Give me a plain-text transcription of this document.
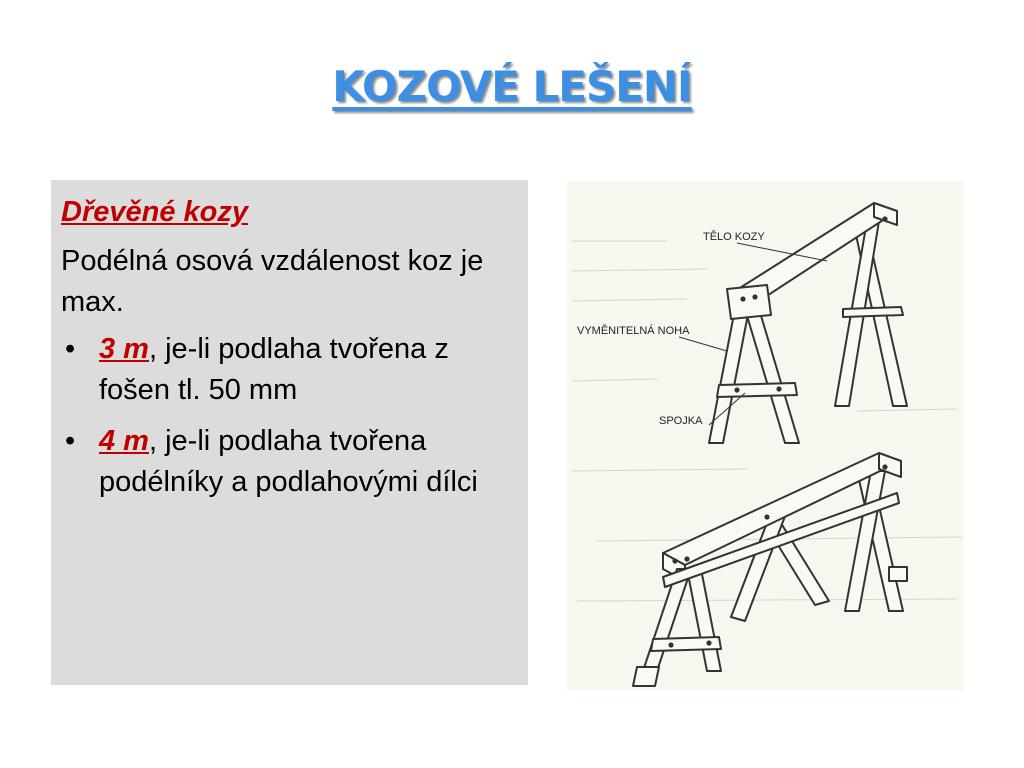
KOZOVÉ LEŠENÍ
Dřevěné kozy
Podélná osová vzdálenost koz je max.
• 3 m, je-li podlaha tvořena z fošen tl. 50 mm
• 4 m, je-li podlaha tvořena podélníky a podlahovými dílci
TĚLO KOZY
VYMĚNITELNÁ NOHA
SPOJKA
